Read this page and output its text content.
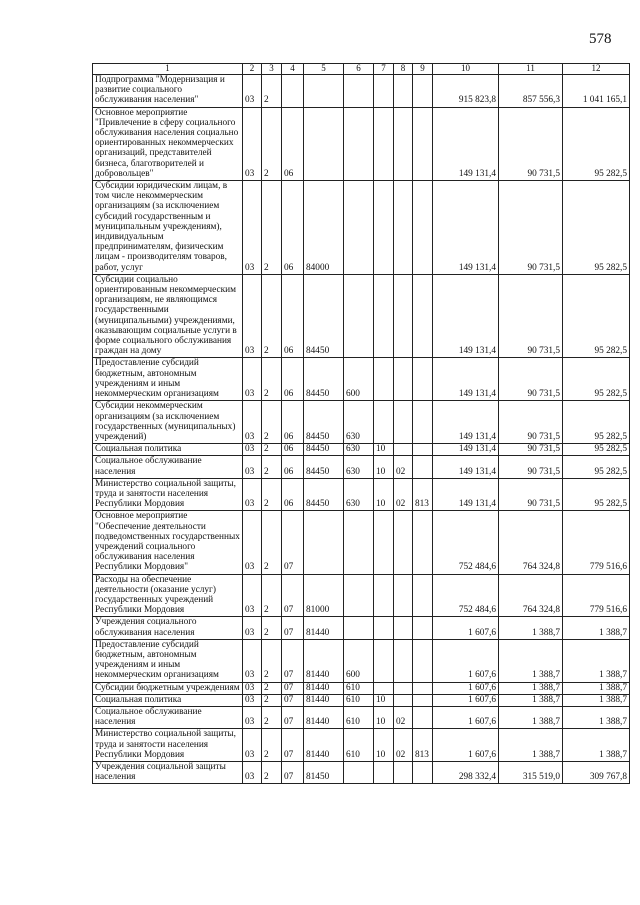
578
1	2	3	4	5	6	7	8	9	10	11	12
Подпрограмма "Модернизация и развитие социального обслуживания населения"	03	2							915 823,8	857 556,3	1 041 165,1
Основное мероприятие "Привлечение в сферу социального обслуживания населения социально ориентированных некоммерческих организаций, представителей бизнеса, благотворителей и добровольцев"	03	2	06						149 131,4	90 731,5	95 282,5
Субсидии юридическим лицам, в том числе некоммерческим организациям (за исключением субсидий государственным и муниципальным учреждениям), индивидуальным предпринимателям, физическим лицам - производителям товаров, работ, услуг	03	2	06	84000					149 131,4	90 731,5	95 282,5
Субсидии социально ориентированным некоммерческим организациям, не являющимся государственными (муниципальными) учреждениями, оказывающим социальные услуги в форме социального обслуживания граждан на дому	03	2	06	84450					149 131,4	90 731,5	95 282,5
Предоставление субсидий бюджетным, автономным учреждениям и иным некоммерческим организациям	03	2	06	84450	600				149 131,4	90 731,5	95 282,5
Субсидии некоммерческим организациям (за исключением государственных (муниципальных) учреждений)	03	2	06	84450	630				149 131,4	90 731,5	95 282,5
Социальная политика	03	2	06	84450	630	10			149 131,4	90 731,5	95 282,5
Социальное обслуживание населения	03	2	06	84450	630	10	02		149 131,4	90 731,5	95 282,5
Министерство социальной защиты, труда и занятости населения Республики Мордовия	03	2	06	84450	630	10	02	813	149 131,4	90 731,5	95 282,5
Основное мероприятие "Обеспечение деятельности подведомственных государственных учреждений социального обслуживания населения Республики Мордовия"	03	2	07						752 484,6	764 324,8	779 516,6
Расходы на обеспечение деятельности (оказание услуг) государственных учреждений Республики Мордовия	03	2	07	81000					752 484,6	764 324,8	779 516,6
Учреждения социального обслуживания населения	03	2	07	81440					1 607,6	1 388,7	1 388,7
Предоставление субсидий бюджетным, автономным учреждениям и иным некоммерческим организациям	03	2	07	81440	600				1 607,6	1 388,7	1 388,7
Субсидии бюджетным учреждениям	03	2	07	81440	610				1 607,6	1 388,7	1 388,7
Социальная политика	03	2	07	81440	610	10			1 607,6	1 388,7	1 388,7
Социальное обслуживание населения	03	2	07	81440	610	10	02		1 607,6	1 388,7	1 388,7
Министерство социальной защиты, труда и занятости населения Республики Мордовия	03	2	07	81440	610	10	02	813	1 607,6	1 388,7	1 388,7
Учреждения социальной защиты населения	03	2	07	81450					298 332,4	315 519,0	309 767,8
